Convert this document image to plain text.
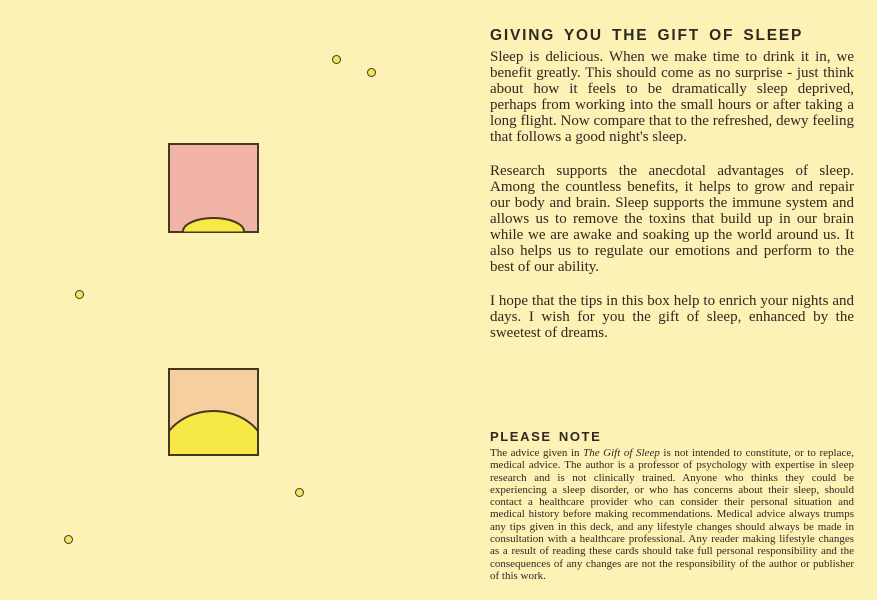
GIVING YOU THE GIFT OF SLEEP

Sleep is delicious. When we make time to drink it in, we benefit greatly. This should come as no surprise - just think about how it feels to be dramatically sleep deprived, perhaps from working into the small hours or after taking a long flight. Now compare that to the refreshed, dewy feeling that follows a good night's sleep.

Research supports the anecdotal advantages of sleep. Among the countless benefits, it helps to grow and repair our body and brain. Sleep supports the immune system and allows us to remove the toxins that build up in our brain while we are awake and soaking up the world around us. It also helps us to regulate our emotions and perform to the best of our ability.

I hope that the tips in this box help to enrich your nights and days. I wish for you the gift of sleep, enhanced by the sweetest of dreams.

PLEASE NOTE

The advice given in The Gift of Sleep is not intended to constitute, or to replace, medical advice. The author is a professor of psychology with expertise in sleep research and is not clinically trained. Anyone who thinks they could be experiencing a sleep disorder, or who has concerns about their sleep, should contact a healthcare provider who can consider their personal situation and medical history before making recommendations. Medical advice always trumps any tips given in this deck, and any lifestyle changes should always be made in consultation with a healthcare professional. Any reader making lifestyle changes as a result of reading these cards should take full personal responsibility and the consequences of any changes are not the responsibility of the author or publisher of this work.
